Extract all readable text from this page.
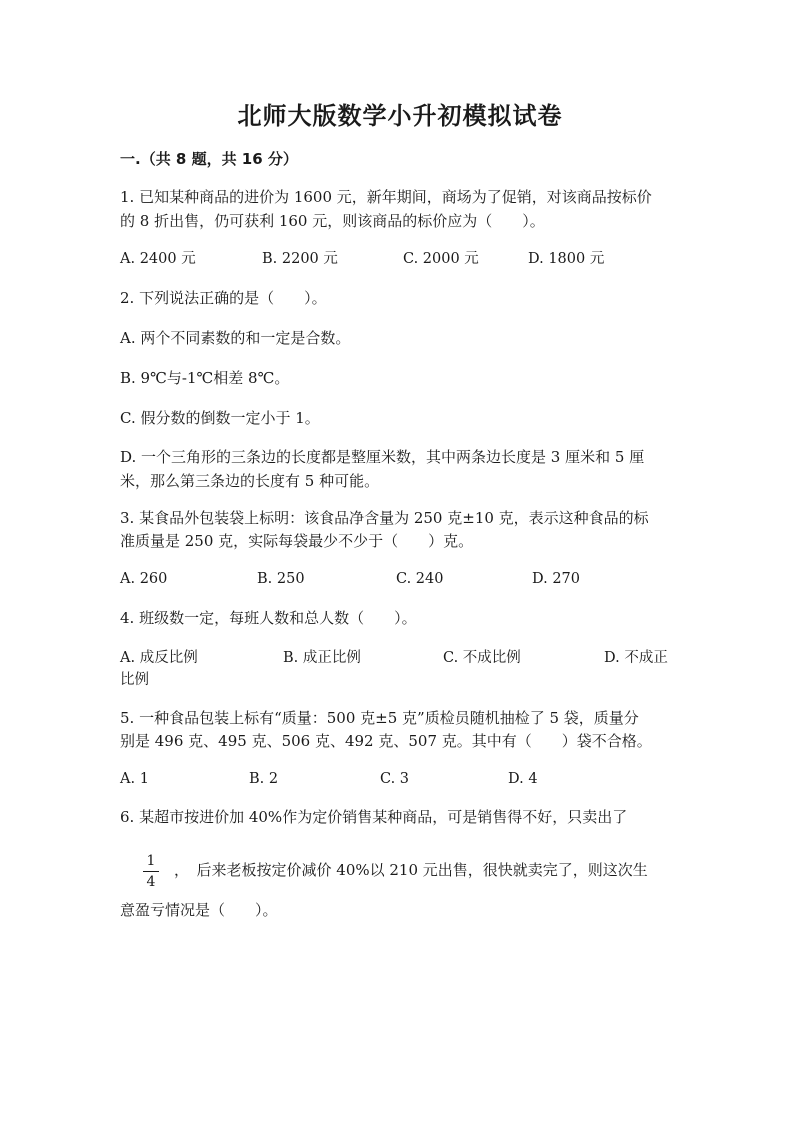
北师大版数学小升初模拟试卷
一.（共 8 题，共 16 分）
1. 已知某种商品的进价为 1600 元，新年期间，商场为了促销，对该商品按标价
的 8 折出售，仍可获利 160 元，则该商品的标价应为（　　）。
A. 2400 元	B. 2200 元	C. 2000 元	D. 1800 元
2. 下列说法正确的是（　　）。
A. 两个不同素数的和一定是合数。
B. 9℃与-1℃相差 8℃。
C. 假分数的倒数一定小于 1。
D. 一个三角形的三条边的长度都是整厘米数，其中两条边长度是 3 厘米和 5 厘
米，那么第三条边的长度有 5 种可能。
3. 某食品外包装袋上标明：该食品净含量为 250 克±10 克，表示这种食品的标
准质量是 250 克，实际每袋最少不少于（　　）克。
A. 260	B. 250	C. 240	D. 270
4. 班级数一定，每班人数和总人数（　　）。
A. 成反比例	B. 成正比例	C. 不成比例	D. 不成正
比例
5. 一种食品包装上标有“质量：500 克±5 克”质检员随机抽检了 5 袋，质量分
别是 496 克、495 克、506 克、492 克、507 克。其中有（　　）袋不合格。
A. 1	B. 2	C. 3	D. 4
6. 某超市按进价加 40%作为定价销售某种商品，可是销售得不好，只卖出了
1
4
，　后来老板按定价减价 40%以 210 元出售，很快就卖完了，则这次生
意盈亏情况是（　　）。
